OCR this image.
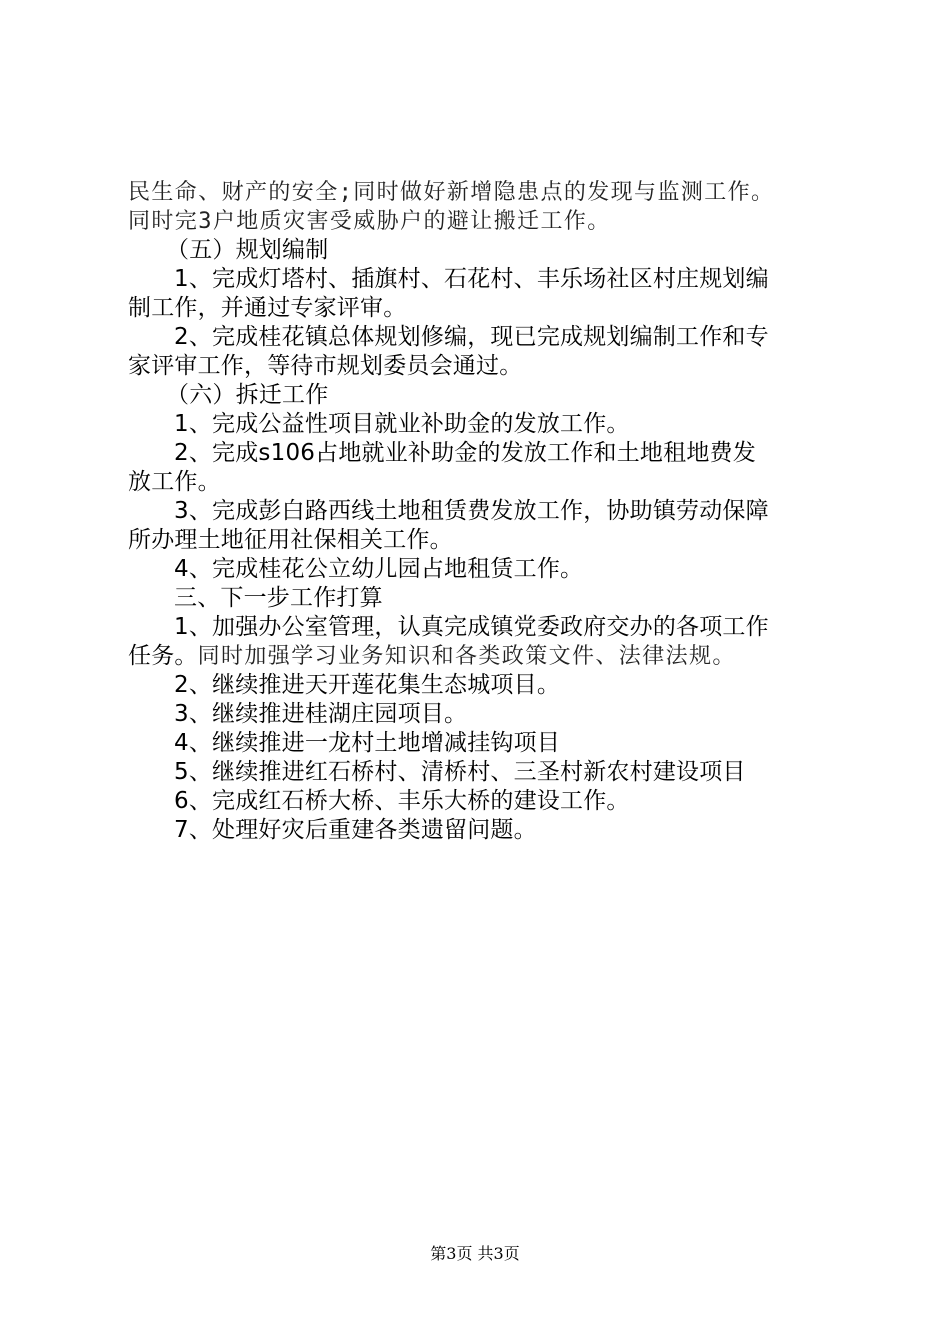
民生命、财产的安全;同时做好新增隐患点的发现与监测工作。
同时完3户地质灾害受威胁户的避让搬迁工作。
（五）规划编制
1、完成灯塔村、插旗村、石花村、丰乐场社区村庄规划编
制工作，并通过专家评审。
2、完成桂花镇总体规划修编，现已完成规划编制工作和专
家评审工作，等待市规划委员会通过。
（六）拆迁工作
1、完成公益性项目就业补助金的发放工作。
2、完成s106占地就业补助金的发放工作和土地租地费发
放工作。
3、完成彭白路西线土地租赁费发放工作，协助镇劳动保障
所办理土地征用社保相关工作。
4、完成桂花公立幼儿园占地租赁工作。
三、下一步工作打算
1、加强办公室管理，认真完成镇党委政府交办的各项工作
任务。同时加强学习业务知识和各类政策文件、法律法规。
2、继续推进天开莲花集生态城项目。
3、继续推进桂湖庄园项目。
4、继续推进一龙村土地增减挂钩项目
5、继续推进红石桥村、清桥村、三圣村新农村建设项目
6、完成红石桥大桥、丰乐大桥的建设工作。
7、处理好灾后重建各类遗留问题。
第3页 共3页
